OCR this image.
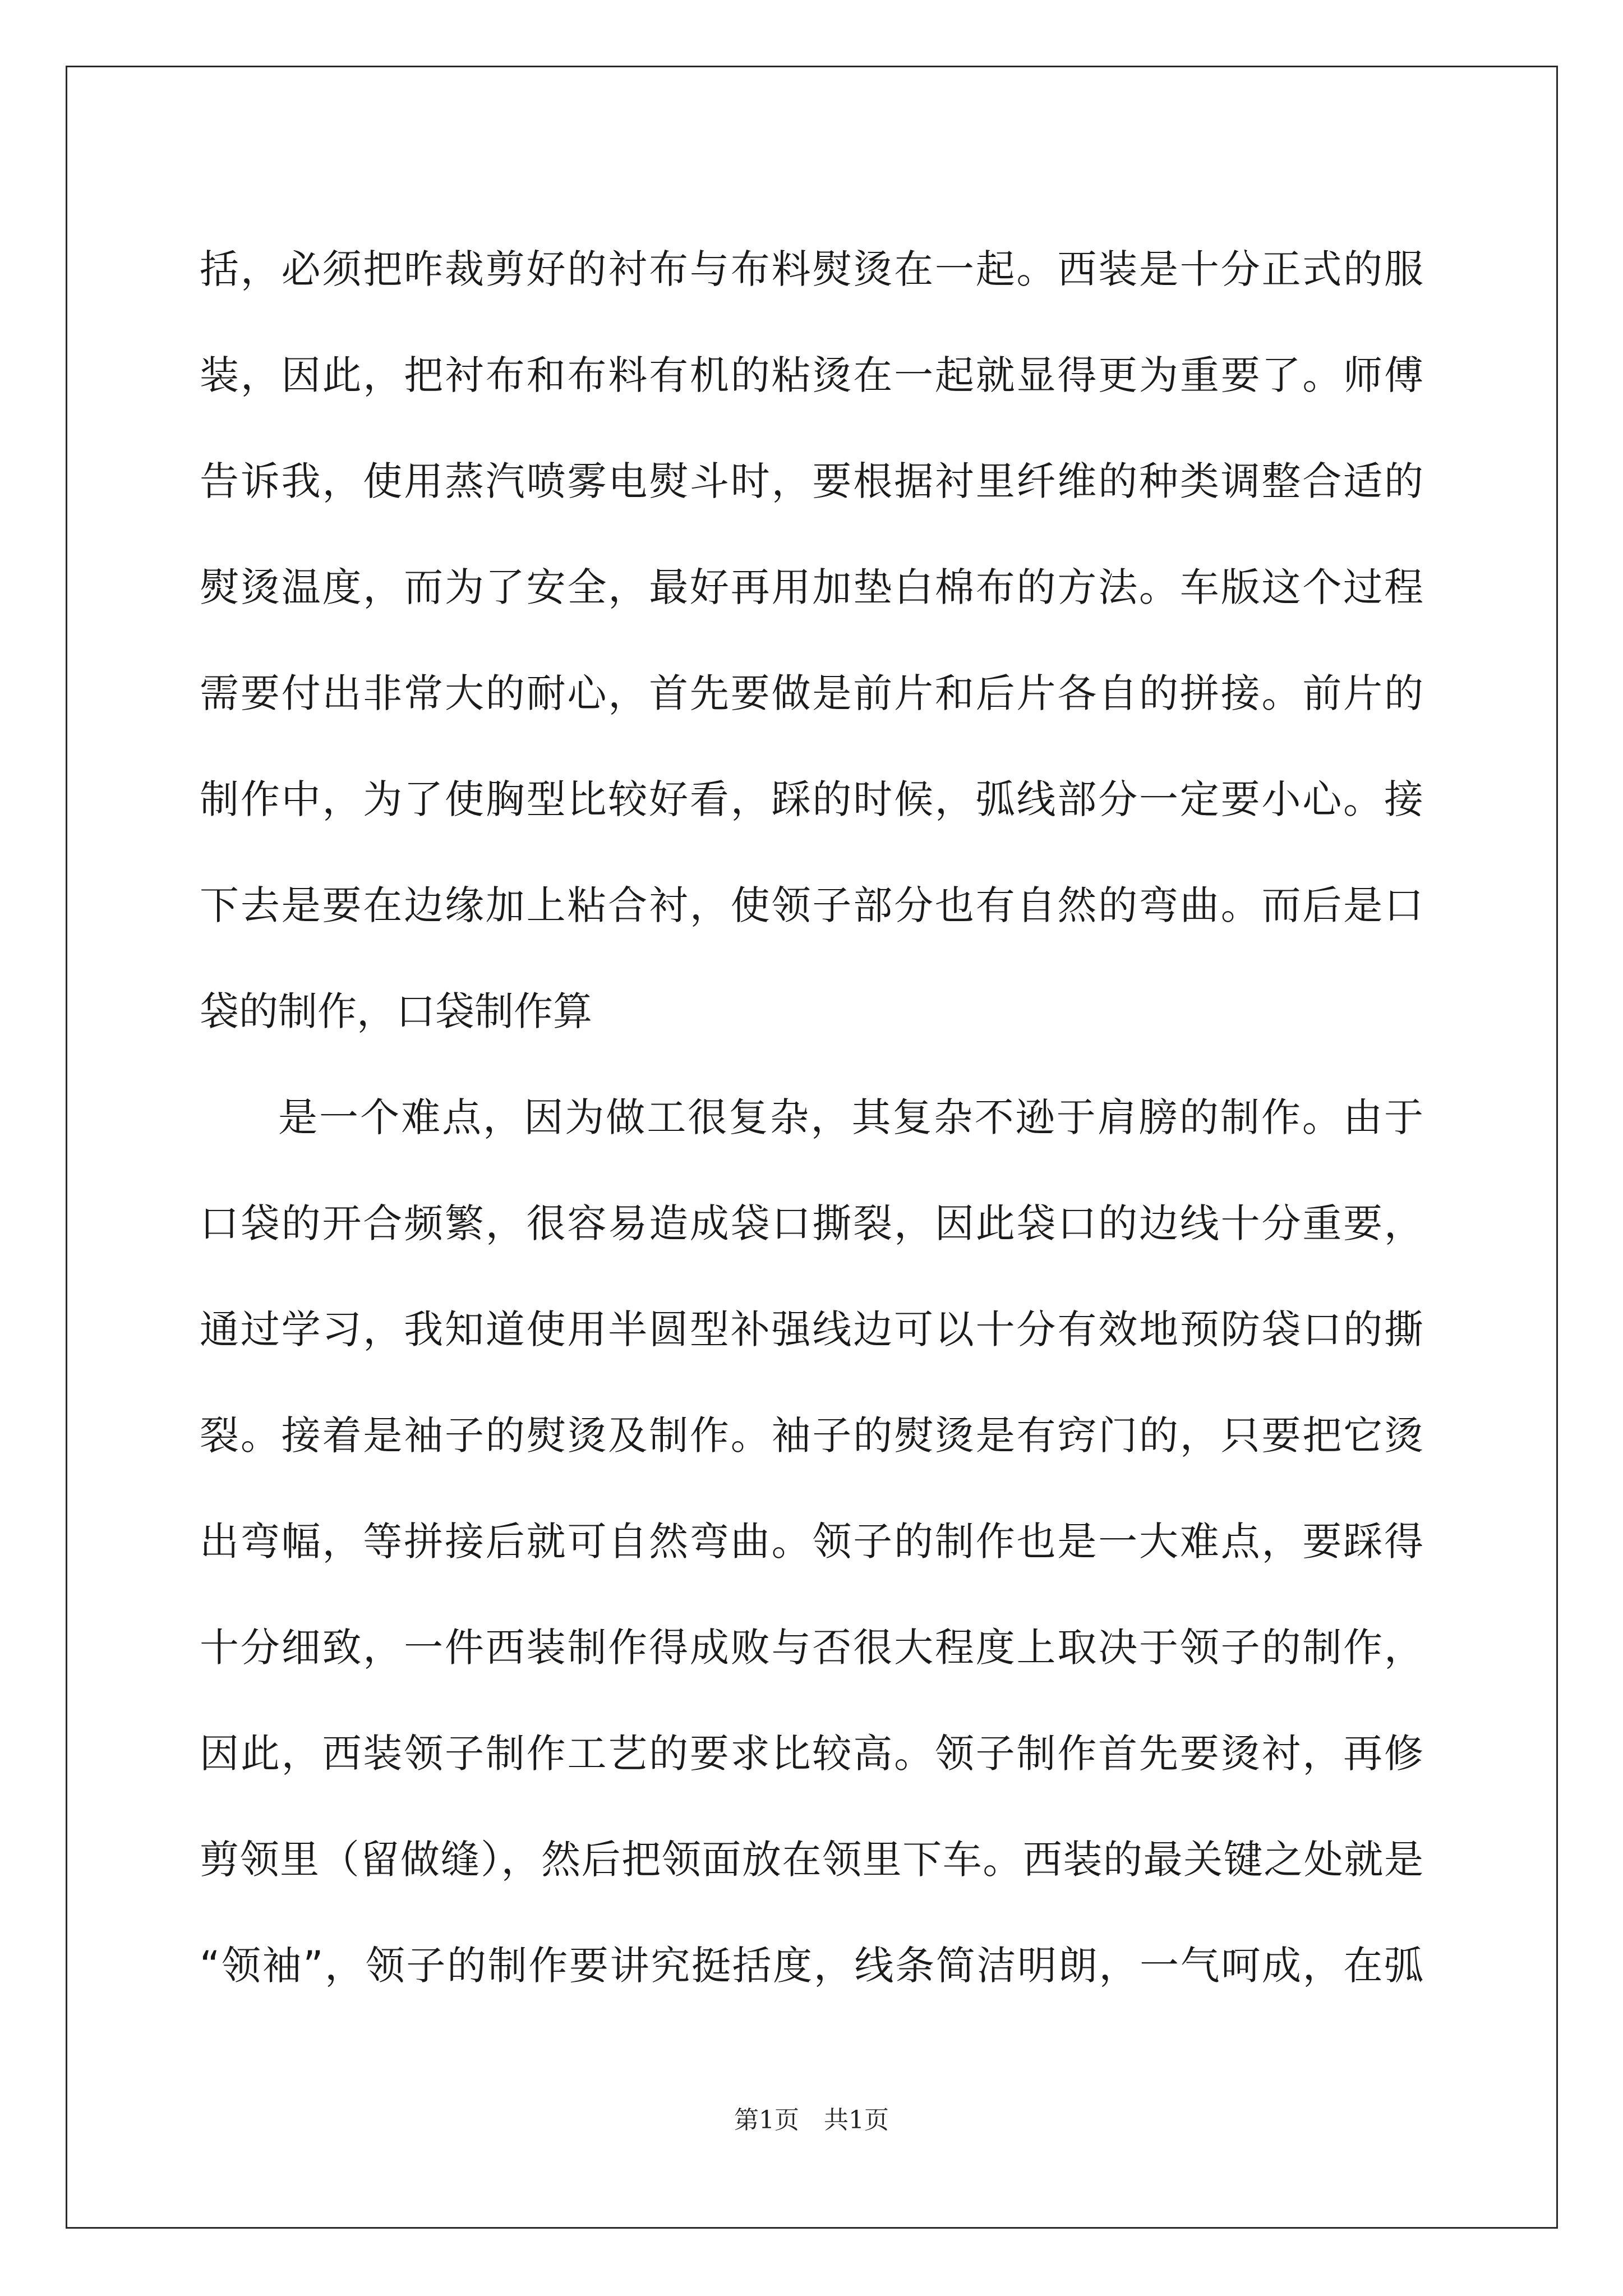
括，必须把昨裁剪好的衬布与布料熨烫在一起。西装是十分正式的服
装，因此，把衬布和布料有机的粘烫在一起就显得更为重要了。师傅
告诉我，使用蒸汽喷雾电熨斗时，要根据衬里纤维的种类调整合适的
熨烫温度，而为了安全，最好再用加垫白棉布的方法。车版这个过程
需要付出非常大的耐心，首先要做是前片和后片各自的拼接。前片的
制作中，为了使胸型比较好看，踩的时候，弧线部分一定要小心。接
下去是要在边缘加上粘合衬，使领子部分也有自然的弯曲。而后是口
袋的制作，口袋制作算
是一个难点，因为做工很复杂，其复杂不逊于肩膀的制作。由于
口袋的开合频繁，很容易造成袋口撕裂，因此袋口的边线十分重要，
通过学习，我知道使用半圆型补强线边可以十分有效地预防袋口的撕
裂。接着是袖子的熨烫及制作。袖子的熨烫是有窍门的，只要把它烫
出弯幅，等拼接后就可自然弯曲。领子的制作也是一大难点，要踩得
十分细致，一件西装制作得成败与否很大程度上取决于领子的制作，
因此，西装领子制作工艺的要求比较高。领子制作首先要烫衬，再修
剪领里（留做缝），然后把领面放在领里下车。西装的最关键之处就是
“领袖”，领子的制作要讲究挺括度，线条简洁明朗，一气呵成，在弧
第1页　共1页
